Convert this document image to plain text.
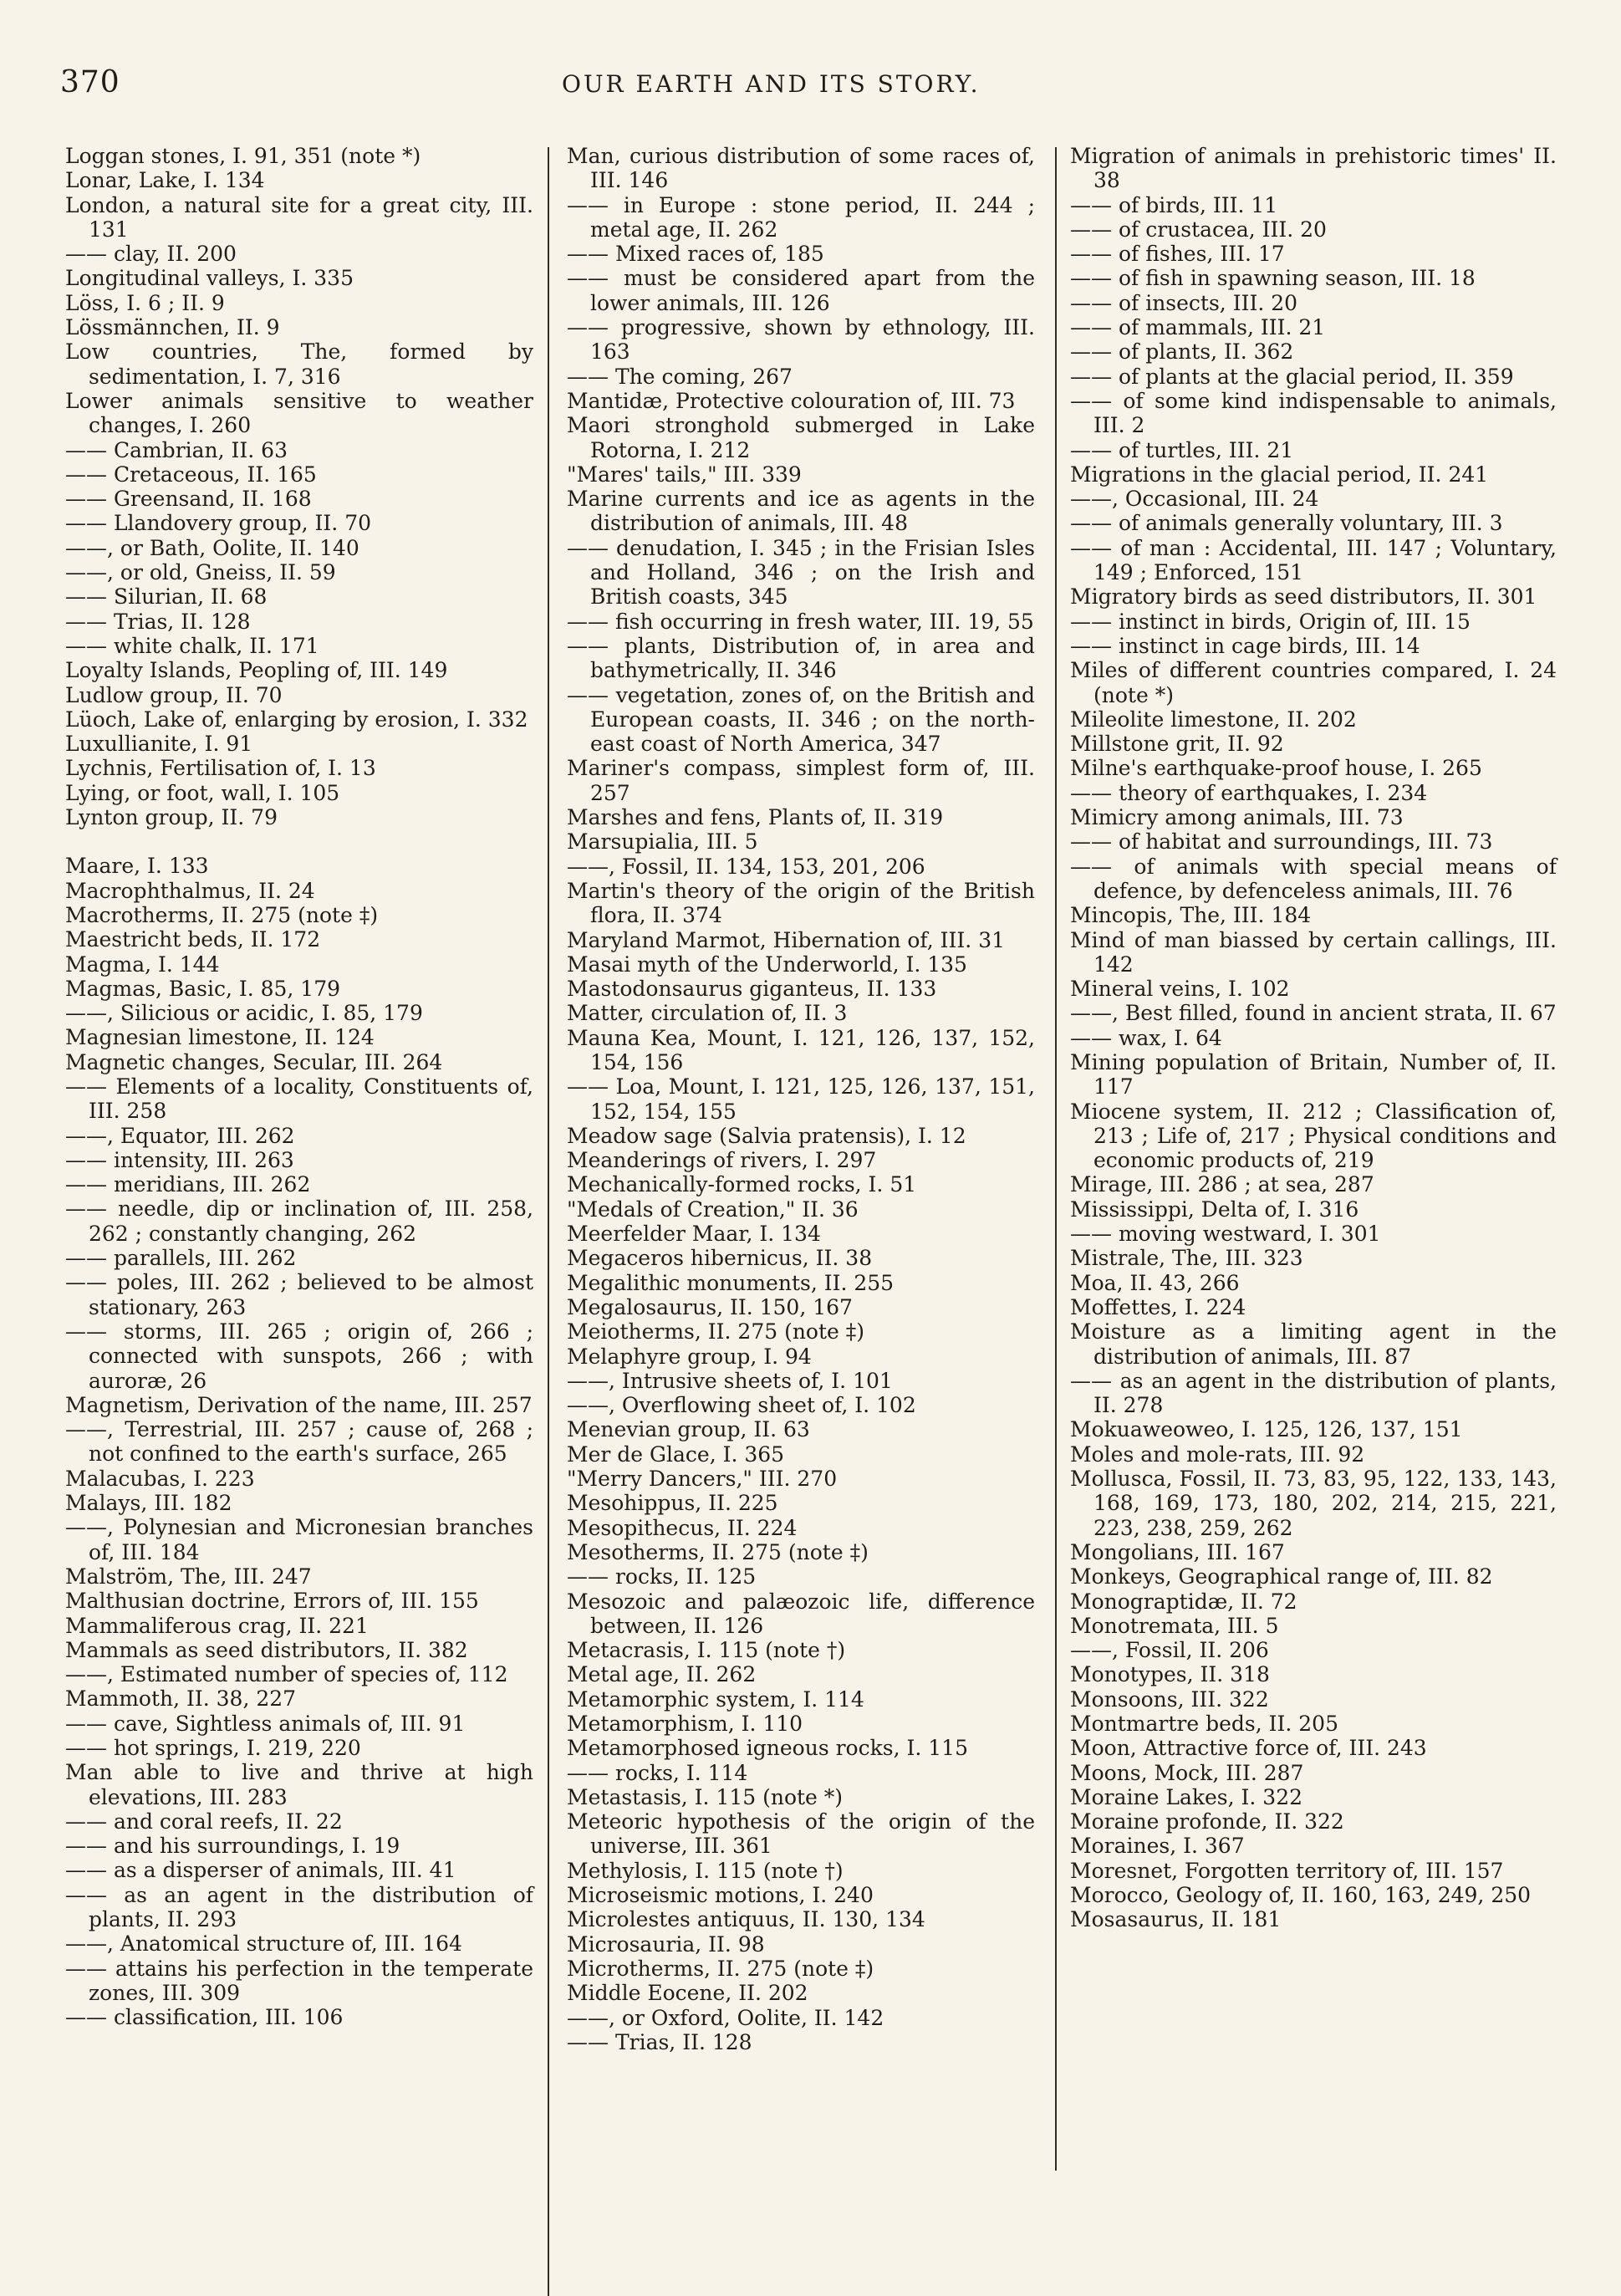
370	OUR EARTH AND ITS STORY.
Loggan stones, I. 91, 351 (note *)
Lonar, Lake, I. 134
London, a natural site for a great city, III. 131
—— clay, II. 200
Longitudinal valleys, I. 335
Löss, I. 6 ; II. 9
Lössmännchen, II. 9
Low countries, The, formed by sedimentation, I. 7, 316
Lower animals sensitive to weather changes, I. 260
—— Cambrian, II. 63
—— Cretaceous, II. 165
—— Greensand, II. 168
—— Llandovery group, II. 70
——, or Bath, Oolite, II. 140
——, or old, Gneiss, II. 59
—— Silurian, II. 68
—— Trias, II. 128
—— white chalk, II. 171
Loyalty Islands, Peopling of, III. 149
Ludlow group, II. 70
Lüoch, Lake of, enlarging by erosion, I. 332
Luxullianite, I. 91
Lychnis, Fertilisation of, I. 13
Lying, or foot, wall, I. 105
Lynton group, II. 79
Maare, I. 133
Macrophthalmus, II. 24
Macrotherms, II. 275 (note ‡)
Maestricht beds, II. 172
Magma, I. 144
Magmas, Basic, I. 85, 179
——, Silicious or acidic, I. 85, 179
Magnesian limestone, II. 124
Magnetic changes, Secular, III. 264
—— Elements of a locality, Constituents of, III. 258
——, Equator, III. 262
—— intensity, III. 263
—— meridians, III. 262
—— needle, dip or inclination of, III. 258, 262 ; constantly changing, 262
—— parallels, III. 262
—— poles, III. 262 ; believed to be almost stationary, 263
—— storms, III. 265 ; origin of, 266 ; connected with sunspots, 266 ; with auroræ, 26
Magnetism, Derivation of the name, III. 257
——, Terrestrial, III. 257 ; cause of, 268 ; not confined to the earth's surface, 265
Malacubas, I. 223
Malays, III. 182
——, Polynesian and Micronesian branches of, III. 184
Malström, The, III. 247
Malthusian doctrine, Errors of, III. 155
Mammaliferous crag, II. 221
Mammals as seed distributors, II. 382
——, Estimated number of species of, 112
Mammoth, II. 38, 227
—— cave, Sightless animals of, III. 91
—— hot springs, I. 219, 220
Man able to live and thrive at high elevations, III. 283
—— and coral reefs, II. 22
—— and his surroundings, I. 19
—— as a disperser of animals, III. 41
—— as an agent in the distribution of plants, II. 293
——, Anatomical structure of, III. 164
—— attains his perfection in the temperate zones, III. 309
—— classification, III. 106
Man, curious distribution of some races of, III. 146
—— in Europe : stone period, II. 244 ; metal age, II. 262
—— Mixed races of, 185
—— must be considered apart from the lower animals, III. 126
—— progressive, shown by ethnology, III. 163
—— The coming, 267
Mantidæ, Protective colouration of, III. 73
Maori stronghold submerged in Lake Rotorna, I. 212
"Mares' tails," III. 339
Marine currents and ice as agents in the distribution of animals, III. 48
—— denudation, I. 345 ; in the Frisian Isles and Holland, 346 ; on the Irish and British coasts, 345
—— fish occurring in fresh water, III. 19, 55
—— plants, Distribution of, in area and bathymetrically, II. 346
—— vegetation, zones of, on the British and European coasts, II. 346 ; on the north-east coast of North America, 347
Mariner's compass, simplest form of, III. 257
Marshes and fens, Plants of, II. 319
Marsupialia, III. 5
——, Fossil, II. 134, 153, 201, 206
Martin's theory of the origin of the British flora, II. 374
Maryland Marmot, Hibernation of, III. 31
Masai myth of the Underworld, I. 135
Mastodonsaurus giganteus, II. 133
Matter, circulation of, II. 3
Mauna Kea, Mount, I. 121, 126, 137, 152, 154, 156
—— Loa, Mount, I. 121, 125, 126, 137, 151, 152, 154, 155
Meadow sage (Salvia pratensis), I. 12
Meanderings of rivers, I. 297
Mechanically-formed rocks, I. 51
"Medals of Creation," II. 36
Meerfelder Maar, I. 134
Megaceros hibernicus, II. 38
Megalithic monuments, II. 255
Megalosaurus, II. 150, 167
Meiotherms, II. 275 (note ‡)
Melaphyre group, I. 94
——, Intrusive sheets of, I. 101
——, Overflowing sheet of, I. 102
Menevian group, II. 63
Mer de Glace, I. 365
"Merry Dancers," III. 270
Mesohippus, II. 225
Mesopithecus, II. 224
Mesotherms, II. 275 (note ‡)
—— rocks, II. 125
Mesozoic and palæozoic life, difference between, II. 126
Metacrasis, I. 115 (note †)
Metal age, II. 262
Metamorphic system, I. 114
Metamorphism, I. 110
Metamorphosed igneous rocks, I. 115
—— rocks, I. 114
Metastasis, I. 115 (note *)
Meteoric hypothesis of the origin of the universe, III. 361
Methylosis, I. 115 (note †)
Microseismic motions, I. 240
Microlestes antiquus, II. 130, 134
Microsauria, II. 98
Microtherms, II. 275 (note ‡)
Middle Eocene, II. 202
——, or Oxford, Oolite, II. 142
—— Trias, II. 128
Migration of animals in prehistoric times' II. 38
—— of birds, III. 11
—— of crustacea, III. 20
—— of fishes, III. 17
—— of fish in spawning season, III. 18
—— of insects, III. 20
—— of mammals, III. 21
—— of plants, II. 362
—— of plants at the glacial period, II. 359
—— of some kind indispensable to animals, III. 2
—— of turtles, III. 21
Migrations in the glacial period, II. 241
——, Occasional, III. 24
—— of animals generally voluntary, III. 3
—— of man : Accidental, III. 147 ; Voluntary, 149 ; Enforced, 151
Migratory birds as seed distributors, II. 301
—— instinct in birds, Origin of, III. 15
—— instinct in cage birds, III. 14
Miles of different countries compared, I. 24 (note *)
Mileolite limestone, II. 202
Millstone grit, II. 92
Milne's earthquake-proof house, I. 265
—— theory of earthquakes, I. 234
Mimicry among animals, III. 73
—— of habitat and surroundings, III. 73
—— of animals with special means of defence, by defenceless animals, III. 76
Mincopis, The, III. 184
Mind of man biassed by certain callings, III. 142
Mineral veins, I. 102
——, Best filled, found in ancient strata, II. 67
—— wax, I. 64
Mining population of Britain, Number of, II. 117
Miocene system, II. 212 ; Classification of, 213 ; Life of, 217 ; Physical conditions and economic products of, 219
Mirage, III. 286 ; at sea, 287
Mississippi, Delta of, I. 316
—— moving westward, I. 301
Mistrale, The, III. 323
Moa, II. 43, 266
Moffettes, I. 224
Moisture as a limiting agent in the distribution of animals, III. 87
—— as an agent in the distribution of plants, II. 278
Mokuaweoweo, I. 125, 126, 137, 151
Moles and mole-rats, III. 92
Mollusca, Fossil, II. 73, 83, 95, 122, 133, 143, 168, 169, 173, 180, 202, 214, 215, 221, 223, 238, 259, 262
Mongolians, III. 167
Monkeys, Geographical range of, III. 82
Monograptidæ, II. 72
Monotremata, III. 5
——, Fossil, II. 206
Monotypes, II. 318
Monsoons, III. 322
Montmartre beds, II. 205
Moon, Attractive force of, III. 243
Moons, Mock, III. 287
Moraine Lakes, I. 322
Moraine profonde, II. 322
Moraines, I. 367
Moresnet, Forgotten territory of, III. 157
Morocco, Geology of, II. 160, 163, 249, 250
Mosasaurus, II. 181
